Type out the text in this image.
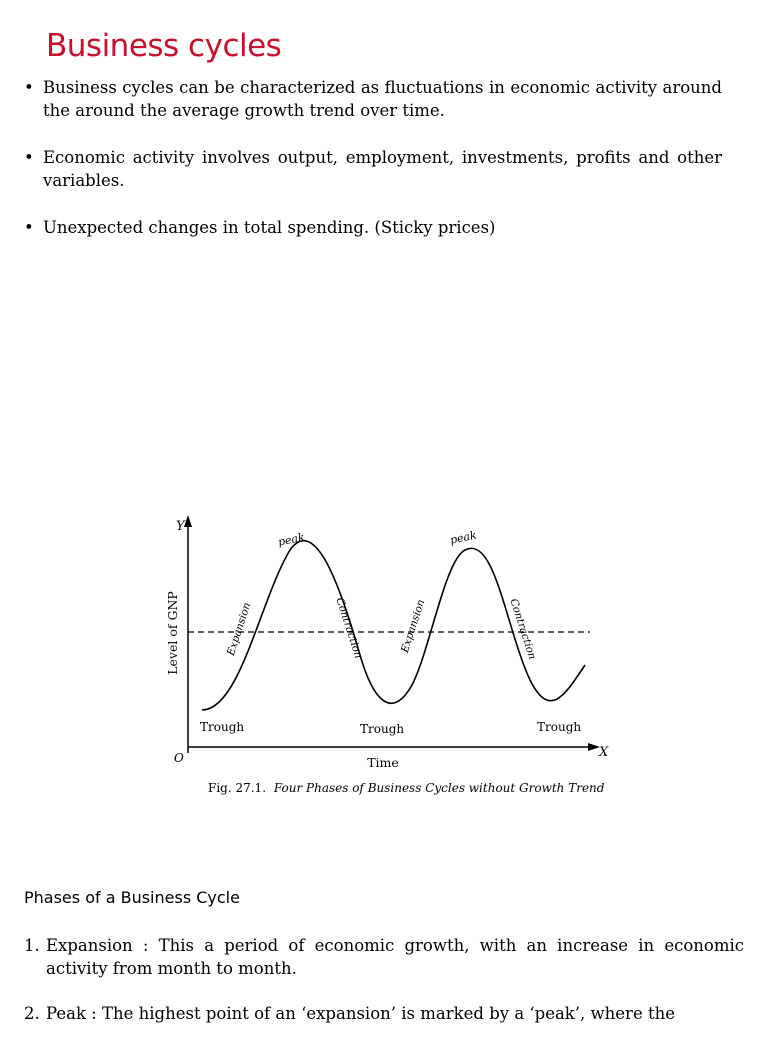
Business cycles
• Business cycles can be characterized as fluctuations in economic activity around the around the average growth trend over time.
• Economic activity involves output, employment, investments, profits and other variables.
• Unexpected changes in total spending. (Sticky prices)
Y
X
O
Level of GNP
Time
peak	peak
Expansion	Contraction	Expansion	Contraction
Trough	Trough	Trough
Fig. 27.1. Four Phases of Business Cycles without Growth Trend
Phases of a Business Cycle
1. Expansion : This a period of economic growth, with an increase in economic activity from month to month.
2. Peak : The highest point of an ‘expansion’ is marked by a ‘peak’, where the
